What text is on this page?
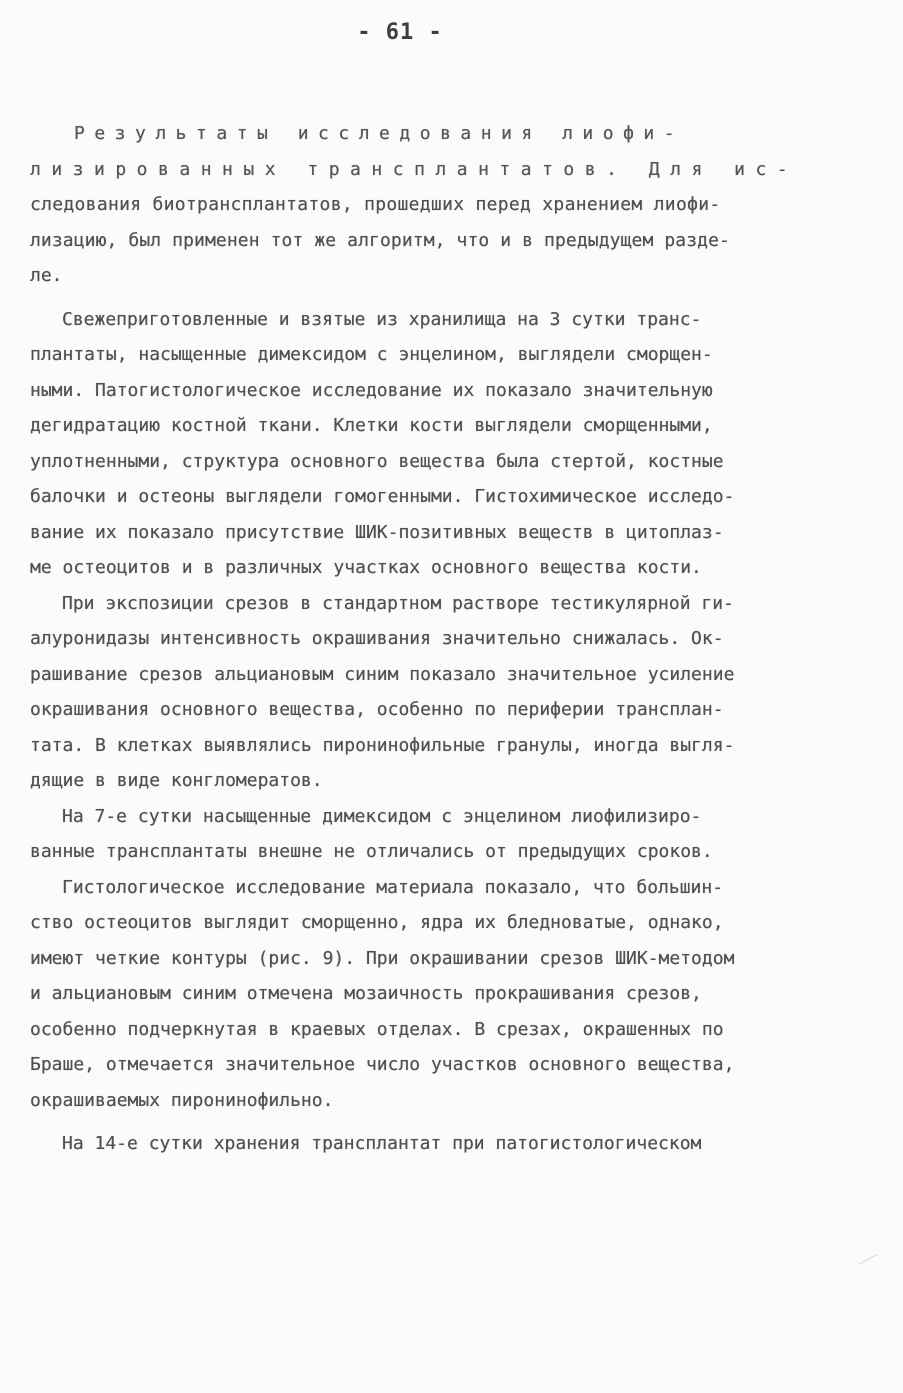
- 61 -
Результаты исследования лиофи-
лизированных трансплантатов. Для ис-
следования биотрансплантатов, прошедших перед хранением лиофи-
лизацию, был применен тот же алгоритм, что и в предыдущем разде-
ле.
Свежеприготовленные и взятые из хранилища на 3 сутки транс-
плантаты, насыщенные димексидом с энцелином, выглядели сморщен-
ными. Патогистологическое исследование их показало значительную
дегидратацию костной ткани. Клетки кости выглядели сморщенными,
уплотненными, структура основного вещества была стертой, костные
балочки и остеоны выглядели гомогенными. Гистохимическое исследо-
вание их показало присутствие ШИК-позитивных веществ в цитоплаз-
ме остеоцитов и в различных участках основного вещества кости.
При экспозиции срезов в стандартном растворе тестикулярной ги-
алуронидазы интенсивность окрашивания значительно снижалась. Ок-
рашивание срезов альциановым синим показало значительное усиление
окрашивания основного вещества, особенно по периферии трансплан-
тата. В клетках выявлялись пиронинофильные гранулы, иногда выгля-
дящие в виде конгломератов.
На 7-е сутки насыщенные димексидом с энцелином лиофилизиро-
ванные трансплантаты внешне не отличались от предыдущих сроков.
Гистологическое исследование материала показало, что большин-
ство остеоцитов выглядит сморщенно, ядра их бледноватые, однако,
имеют четкие контуры (рис. 9). При окрашивании срезов ШИК-методом
и альциановым синим отмечена мозаичность прокрашивания срезов,
особенно подчеркнутая в краевых отделах. В срезах, окрашенных по
Браше, отмечается значительное число участков основного вещества,
окрашиваемых пиронинофильно.
На 14-е сутки хранения трансплантат при патогистологическом
